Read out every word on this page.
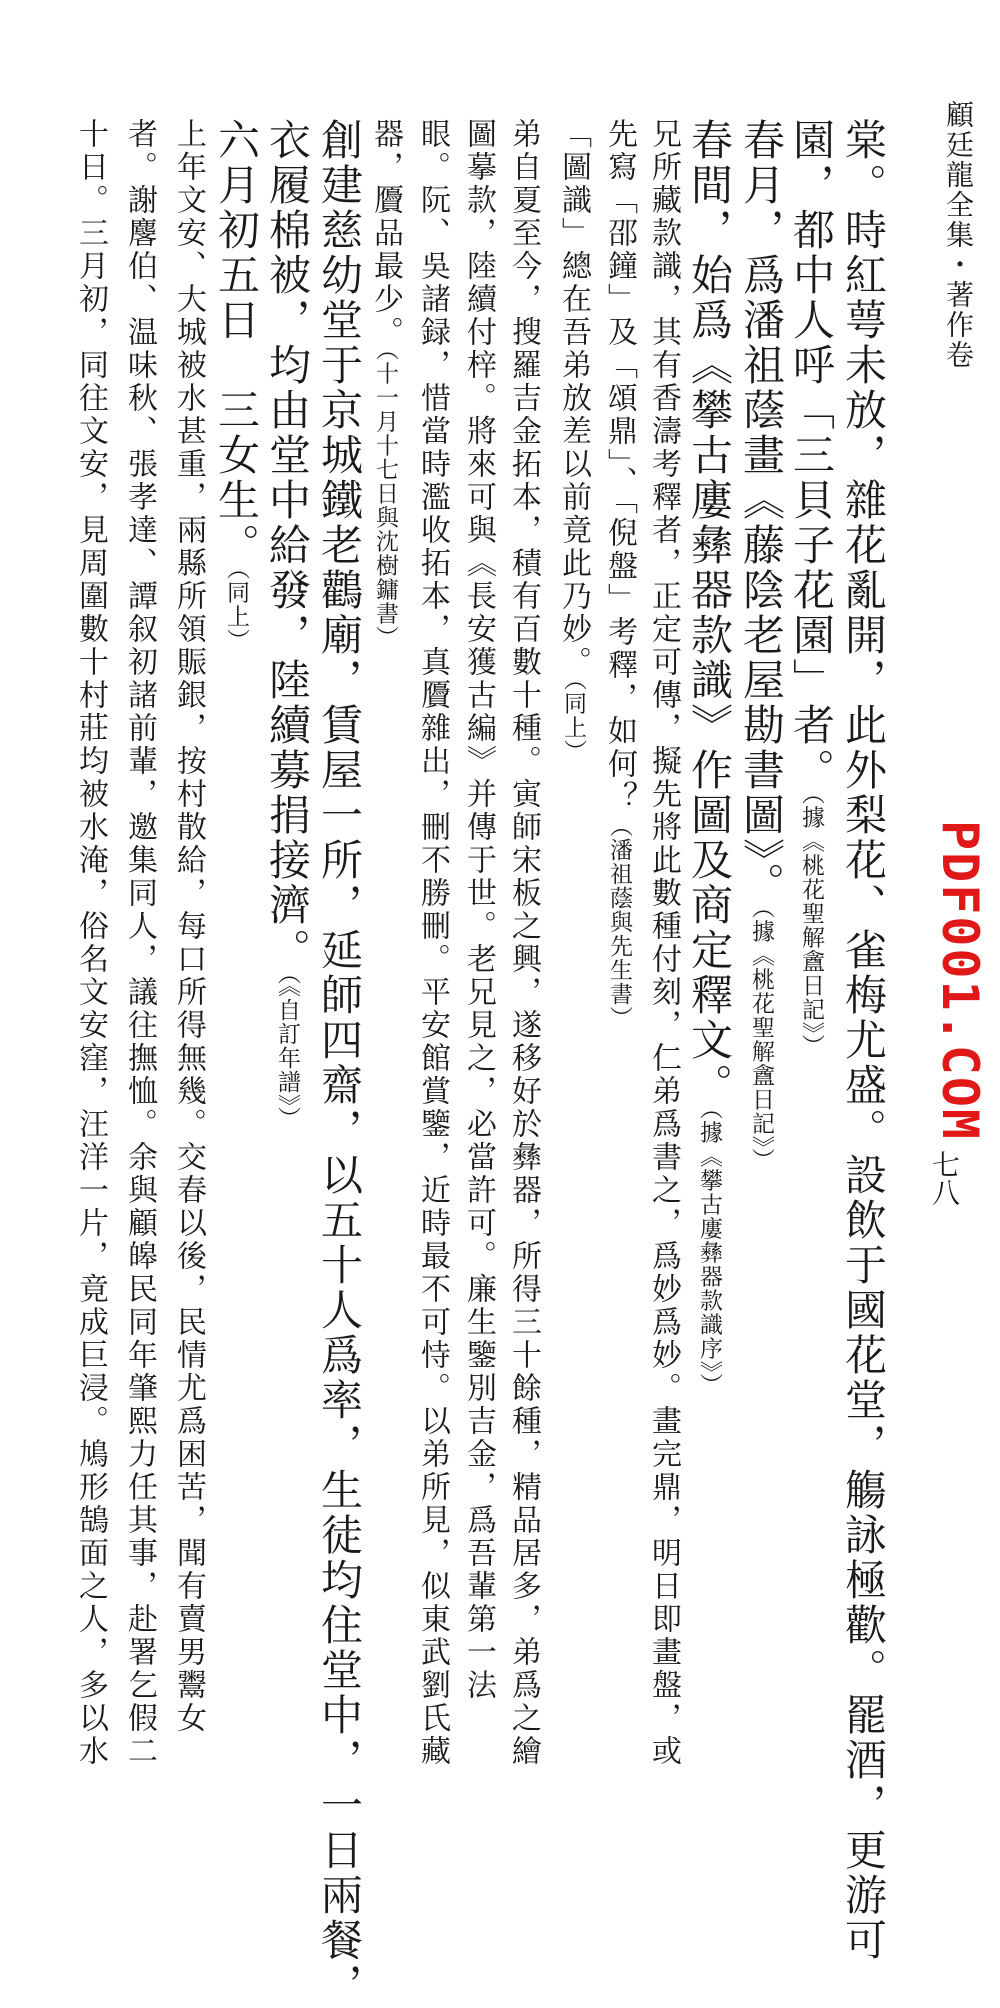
顧廷龍全集・著作卷
七八
PDF001.COM
棠。時紅萼未放，雜花亂開，此外梨花、雀梅尤盛。設飲于國花堂，觴詠極歡。罷酒，更游可
園，都中人呼「三貝子花園」者。（據《桃花聖解盦日記》）
春月，爲潘祖蔭畫《藤陰老屋勘書圖》。（據《桃花聖解盦日記》）
春間，始爲《攀古廔彝器款識》作圖及商定釋文。（據《攀古廔彝器款識序》）
兄所藏款識，其有香濤考釋者，正定可傳，擬先將此數種付刻，仁弟爲書之，爲妙爲妙。畫完鼎，明日即畫盤，或
先寫「邵鐘」及「頌鼎」、「倪盤」考釋，如何？（潘祖蔭與先生書）
「圖識」總在吾弟放差以前竟此乃妙。（同上）
弟自夏至今，搜羅吉金拓本，積有百數十種。寅師宋板之興，遂移好於彝器，所得三十餘種，精品居多，弟爲之繪
圖摹款，陸續付梓。將來可與《長安獲古編》并傳于世。老兄見之，必當許可。廉生鑒別吉金，爲吾輩第一法
眼。阮、吳諸録，惜當時濫收拓本，真贗雜出，刪不勝刪。平安館賞鑒，近時最不可恃。以弟所見，似東武劉氏藏
器，贗品最少。（十一月十七日與沈樹鏞書）
創建慈幼堂于京城鐵老鸛廟，賃屋一所，延師四齋，以五十人爲率，生徒均住堂中，一日兩餐，
衣履棉被，均由堂中給發，陸續募捐接濟。（《自訂年譜》）
六月初五日　三女生。（同上）
上年文安、大城被水甚重，兩縣所領賑銀，按村散給，每口所得無幾。交春以後，民情尤爲困苦，聞有賣男鬻女
者。謝麐伯、温味秋、張孝達、譚叙初諸前輩，邀集同人，議往撫恤。余與顧皞民同年肇熙力任其事，赴署乞假二
十日。三月初，同往文安，見周圍數十村莊均被水淹，俗名文安窪，汪洋一片，竟成巨浸。鳩形鵠面之人，多以水
